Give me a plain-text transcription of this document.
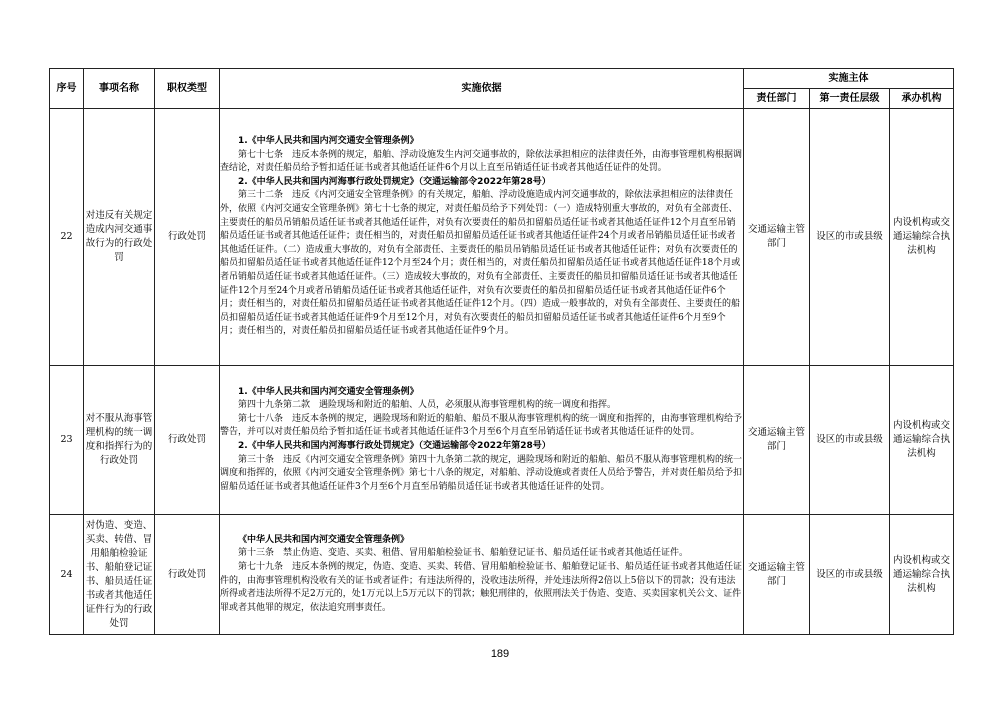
序号	事项名称	职权类型	实施依据	实施主体		
				责任部门	第一责任层级	承办机构
22	对违反有关规定造成内河交通事故行为的行政处罚	行政处罚	1.《中华人民共和国内河交通安全管理条例》
第七十七条　违反本条例的规定，船舶、浮动设施发生内河交通事故的，除依法承担相应的法律责任外，由海事管理机构根据调查结论，对责任船员给予暂扣适任证书或者其他适任证件6个月以上直至吊销适任证书或者其他适任证件的处罚。
2.《中华人民共和国内河海事行政处罚规定》（交通运输部令2022年第28号）
第三十二条　违反《内河交通安全管理条例》的有关规定，船舶、浮动设施造成内河交通事故的，除依法承担相应的法律责任外，依照《内河交通安全管理条例》第七十七条的规定，对责任船员给予下列处罚：（一）造成特别重大事故的，对负有全部责任、主要责任的船员吊销船员适任证书或者其他适任证件，对负有次要责任的船员扣留船员适任证书或者其他适任证件12个月直至吊销船员适任证书或者其他适任证件；责任相当的，对责任船员扣留船员适任证书或者其他适任证件24个月或者吊销船员适任证书或者其他适任证件。（二）造成重大事故的，对负有全部责任、主要责任的船员吊销船员适任证书或者其他适任证件；对负有次要责任的船员扣留船员适任证书或者其他适任证件12个月至24个月；责任相当的，对责任船员扣留船员适任证书或者其他适任证件18个月或者吊销船员适任证书或者其他适任证件。（三）造成较大事故的，对负有全部责任、主要责任的船员扣留船员适任证书或者其他适任证件12个月至24个月或者吊销船员适任证书或者其他适任证件，对负有次要责任的船员扣留船员适任证书或者其他适任证件6个月；责任相当的，对责任船员扣留船员适任证书或者其他适任证件12个月。（四）造成一般事故的，对负有全部责任、主要责任的船员扣留船员适任证书或者其他适任证件9个月至12个月，对负有次要责任的船员扣留船员适任证书或者其他适任证件6个月至9个月；责任相当的，对责任船员扣留船员适任证书或者其他适任证件9个月。	交通运输主管部门	设区的市或县级	内设机构或交通运输综合执法机构
23	对不服从海事管理机构的统一调度和指挥行为的行政处罚	行政处罚	1.《中华人民共和国内河交通安全管理条例》
第四十九条第二款　遇险现场和附近的船舶、人员，必须服从海事管理机构的统一调度和指挥。
第七十八条　违反本条例的规定，遇险现场和附近的船舶、船员不服从海事管理机构的统一调度和指挥的，由海事管理机构给予警告，并可以对责任船员给予暂扣适任证书或者其他适任证件3个月至6个月直至吊销适任证书或者其他适任证件的处罚。
2.《中华人民共和国内河海事行政处罚规定》（交通运输部令2022年第28号）
第三十条　违反《内河交通安全管理条例》第四十九条第二款的规定，遇险现场和附近的船舶、船员不服从海事管理机构的统一调度和指挥的，依照《内河交通安全管理条例》第七十八条的规定，对船舶、浮动设施或者责任人员给予警告，并对责任船员给予扣留船员适任证书或者其他适任证件3个月至6个月直至吊销船员适任证书或者其他适任证件的处罚。	交通运输主管部门	设区的市或县级	内设机构或交通运输综合执法机构
24	对伪造、变造、买卖、转借、冒用船舶检验证书、船舶登记证书、船员适任证书或者其他适任证件行为的行政处罚	行政处罚	《中华人民共和国内河交通安全管理条例》
第十三条　禁止伪造、变造、买卖、租借、冒用船舶检验证书、船舶登记证书、船员适任证书或者其他适任证件。
第七十九条　违反本条例的规定，伪造、变造、买卖、转借、冒用船舶检验证书、船舶登记证书、船员适任证书或者其他适任证件的，由海事管理机构没收有关的证书或者证件；有违法所得的，没收违法所得，并处违法所得2倍以上5倍以下的罚款；没有违法所得或者违法所得不足2万元的，处1万元以上5万元以下的罚款；触犯刑律的，依照刑法关于伪造、变造、买卖国家机关公文、证件罪或者其他罪的规定，依法追究刑事责任。	交通运输主管部门	设区的市或县级	内设机构或交通运输综合执法机构
189
